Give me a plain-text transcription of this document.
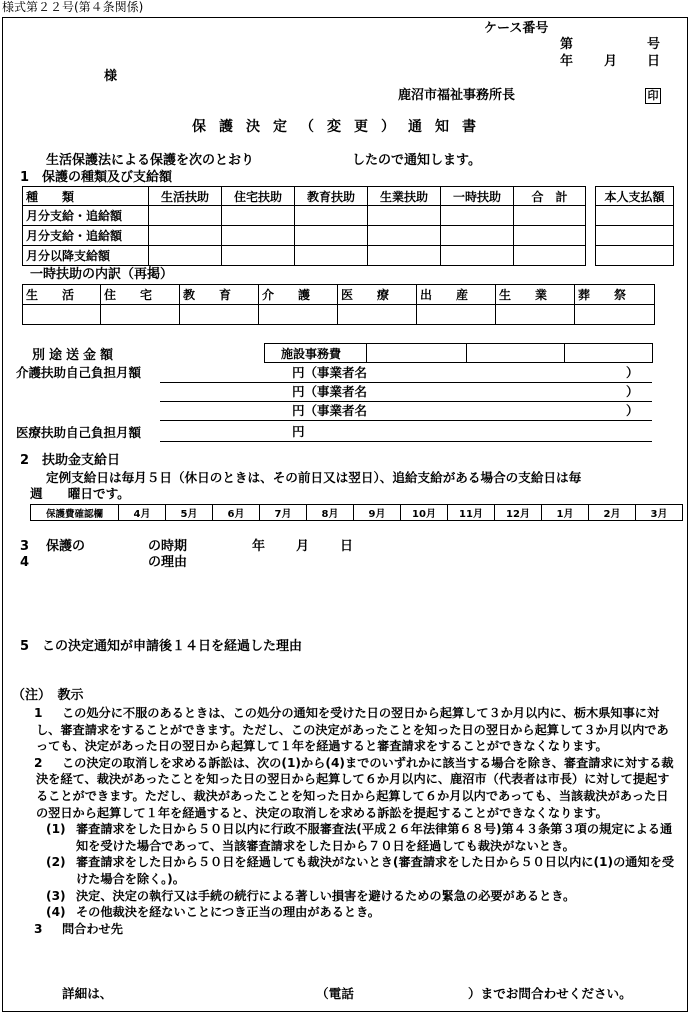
様式第２２号(第４条関係)
ケース番号
第	号
年 月 日
様
鹿沼市福祉事務所長	印
保護決定（変更）通知書
生活保護法による保護を次のとおり	したので通知します。
1　保護の種類及び支給額
種　　類	生活扶助	住宅扶助	教育扶助	生業扶助	一時扶助	合　計
月分支給・追給額						
月分支給・追給額						
月分以降支給額						
本人支払額

一時扶助の内訳（再掲）
生　　活	住　　宅	教　　育	介　　護	医　　療	出　　産	生　　業	葬　　祭

別途送金額	施設事務費			
介護扶助自己負担月額	円（事業者名	）
円（事業者名	）
円（事業者名	）
医療扶助自己負担月額	円
2　扶助金支給日
定例支給日は毎月５日（休日のときは、その前日又は翌日）、追給支給がある場合の支給日は毎
週　　曜日です。
保護費確認欄	4月	5月	6月	7月	8月	9月	10月	11月	12月	1月	2月	3月
3 保護の	の時期	年 月 日
4	の理由
5　この決定通知が申請後１４日を経過した理由
（注）　教示

1 この処分に不服のあるときは、この処分の通知を受けた日の翌日から起算して３か月以内に、栃木県知事に対し、審査請求をすることができます。ただし、この決定があったことを知った日の翌日から起算して３か月以内であっても、決定があった日の翌日から起算して１年を経過すると審査請求をすることができなくなります。

2 この決定の取消しを求める訴訟は、次の(1)から(4)までのいずれかに該当する場合を除き、審査請求に対する裁決を経て、裁決があったことを知った日の翌日から起算して６か月以内に、鹿沼市（代表者は市長）に対して提起することができます。ただし、裁決があったことを知った日から起算して６か月以内であっても、当該裁決があった日の翌日から起算して１年を経過すると、決定の取消しを求める訴訟を提起することができなくなります。

(1) 審査請求をした日から５０日以内に行政不服審査法(平成２６年法律第６８号)第４３条第３項の規定による通知を受けた場合であって、当該審査請求をした日から７０日を経過しても裁決がないとき。

(2) 審査請求をした日から５０日を経過しても裁決がないとき(審査請求をした日から５０日以内に(1)の通知を受けた場合を除く。)。

(3) 決定、決定の執行又は手続の続行による著しい損害を避けるための緊急の必要があるとき。

(4) その他裁決を経ないことにつき正当の理由があるとき。

3 問合わせ先

詳細は、	（電話	）までお問合わせください。
